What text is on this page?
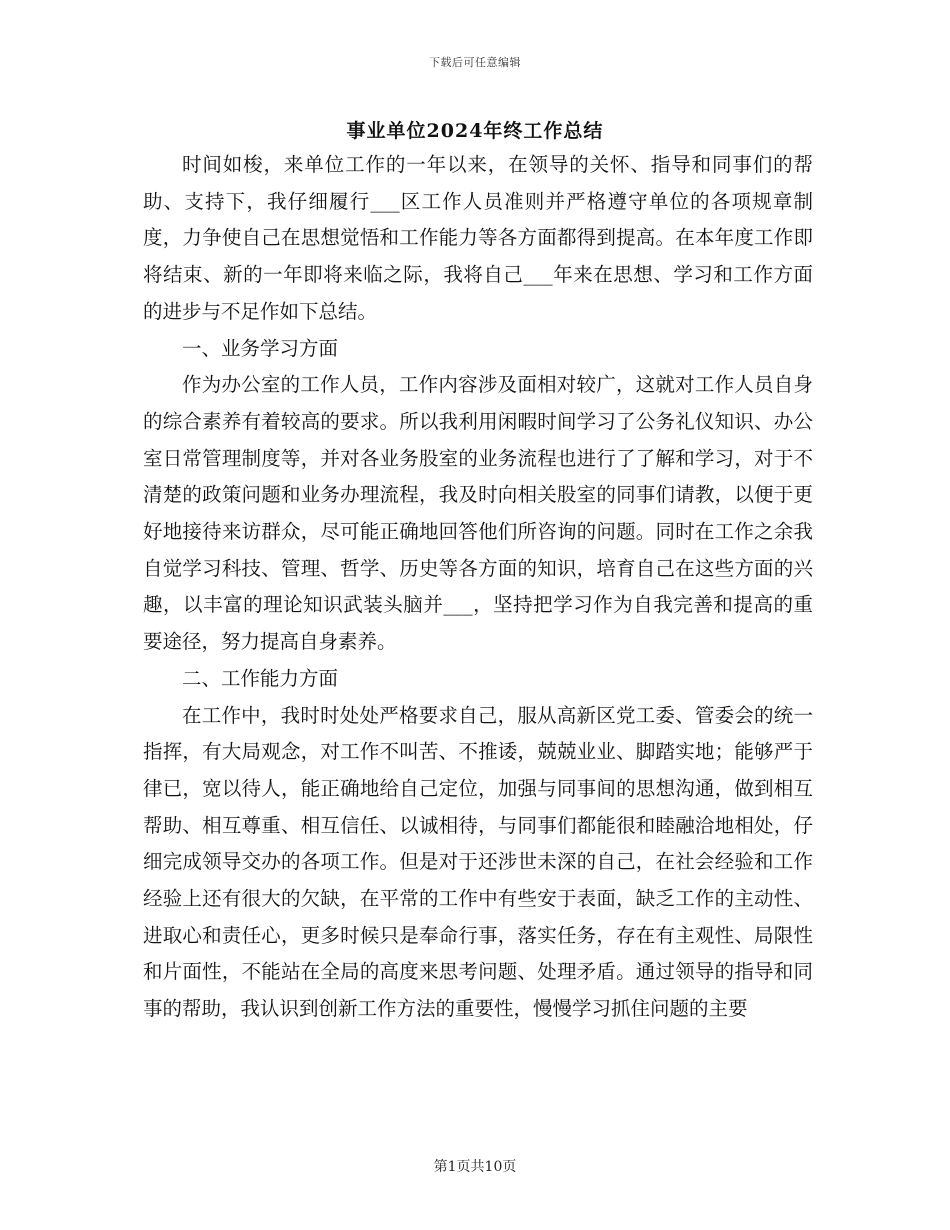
下载后可任意编辑
事业单位2024年终工作总结

时间如梭，来单位工作的一年以来，在领导的关怀、指导和同事们的帮助、支持下，我仔细履行___区工作人员准则并严格遵守单位的各项规章制度，力争使自己在思想觉悟和工作能力等各方面都得到提高。在本年度工作即将结束、新的一年即将来临之际，我将自己___年来在思想、学习和工作方面的进步与不足作如下总结。

一、业务学习方面

作为办公室的工作人员，工作内容涉及面相对较广，这就对工作人员自身的综合素养有着较高的要求。所以我利用闲暇时间学习了公务礼仪知识、办公室日常管理制度等，并对各业务股室的业务流程也进行了了解和学习，对于不清楚的政策问题和业务办理流程，我及时向相关股室的同事们请教，以便于更好地接待来访群众，尽可能正确地回答他们所咨询的问题。同时在工作之余我自觉学习科技、管理、哲学、历史等各方面的知识，培育自己在这些方面的兴趣，以丰富的理论知识武装头脑并___，坚持把学习作为自我完善和提高的重要途径，努力提高自身素养。

二、工作能力方面

在工作中，我时时处处严格要求自己，服从高新区党工委、管委会的统一指挥，有大局观念，对工作不叫苦、不推诿，兢兢业业、脚踏实地；能够严于律已，宽以待人，能正确地给自己定位，加强与同事间的思想沟通，做到相互帮助、相互尊重、相互信任、以诚相待，与同事们都能很和睦融洽地相处，仔细完成领导交办的各项工作。但是对于还涉世未深的自己，在社会经验和工作经验上还有很大的欠缺，在平常的工作中有些安于表面，缺乏工作的主动性、进取心和责任心，更多时候只是奉命行事，落实任务，存在有主观性、局限性和片面性，不能站在全局的高度来思考问题、处理矛盾。通过领导的指导和同事的帮助，我认识到创新工作方法的重要性，慢慢学习抓住问题的主要

第1页共10页
